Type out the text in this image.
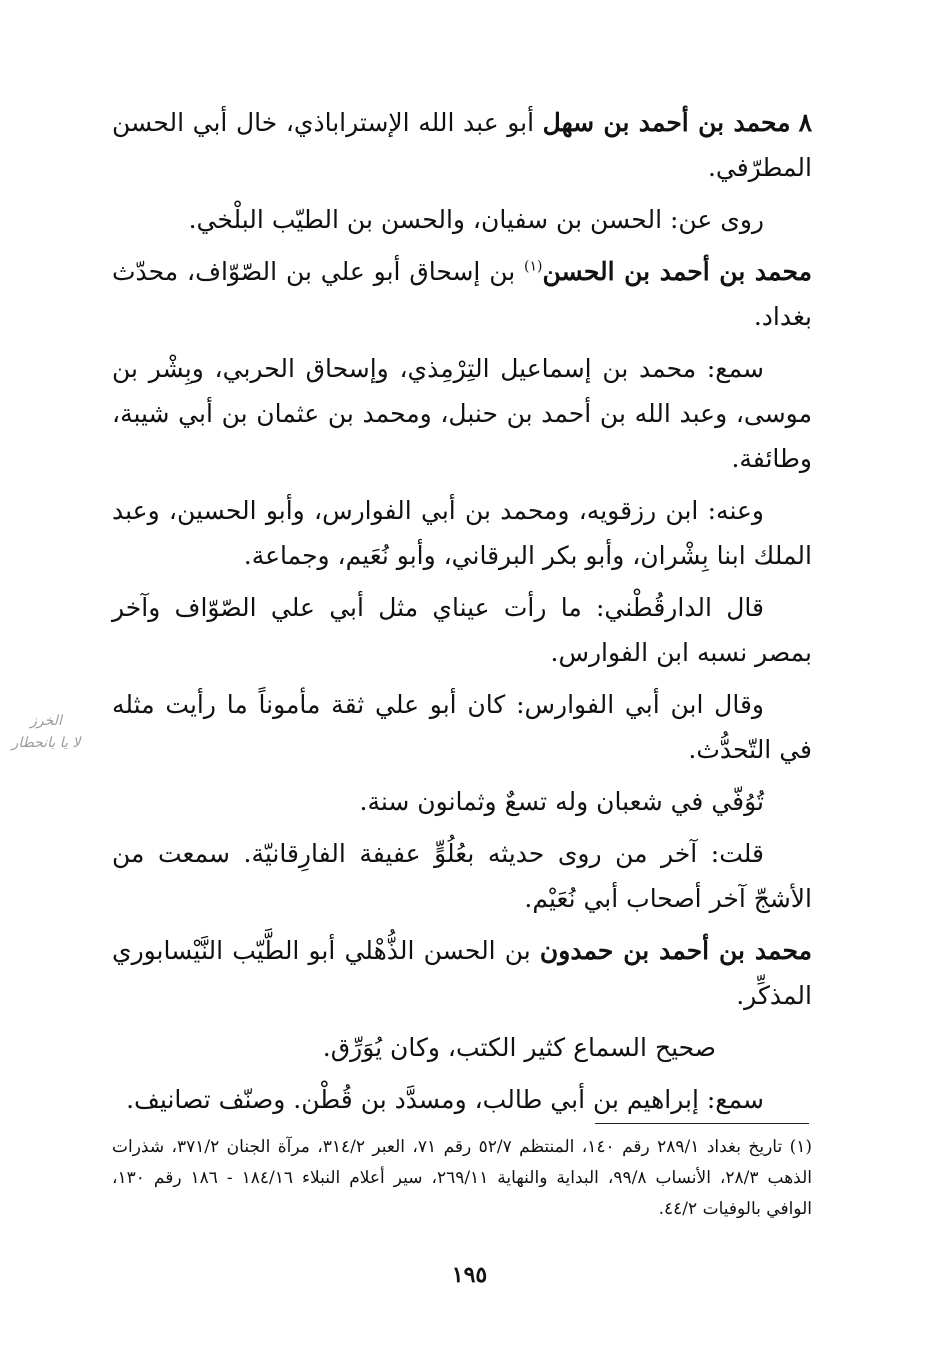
الخرز
لا يا بانحطار

٨محمد بن أحمد بن سهل أبو عبد الله الإستراباذي، خال أبي الحسن المطرّفي.

روى عن: الحسن بن سفيان، والحسن بن الطيّب البلْخي.

محمد بن أحمد بن الحسن$^{(١)}$ بن إسحاق أبو علي بن الصّوّاف، محدّث بغداد.

سمع: محمد بن إسماعيل التِرْمِذي، وإسحاق الحربي، وبِشْر بن موسى، وعبد الله بن أحمد بن حنبل، ومحمد بن عثمان بن أبي شيبة، وطائفة.

وعنه: ابن رزقويه، ومحمد بن أبي الفوارس، وأبو الحسين، وعبد الملك ابنا بِشْران، وأبو بكر البرقاني، وأبو نُعَيم، وجماعة.

قال الدارقُطْني: ما رأت عيناي مثل أبي علي الصّوّاف وآخر بمصر نسبه ابن الفوارس.

وقال ابن أبي الفوارس: كان أبو علي ثقة مأموناً ما رأيت مثله في التّحدُّث.

تُوُفّي في شعبان وله تسعٌ وثمانون سنة.

قلت: آخر من روى حديثه بعُلُوٍّ عفيفة الفارِقانيّة. سمعت من الأشجّ آخر أصحاب أبي نُعَيْم.

محمد بن أحمد بن حمدون بن الحسن الذُّهْلي أبو الطَّيّب النَّيْسابوري المذكِّر.

صحيح السماع كثير الكتب، وكان يُوَرِّق.

سمع: إبراهيم بن أبي طالب، ومسدَّد بن قُطْن. وصنّف تصانيف.

(١) تاريخ بغداد ٢٨٩/١ رقم ١٤٠، المنتظم ٥٢/٧ رقم ٧١، العبر ٣١٤/٢، مرآة الجنان ٣٧١/٢، شذرات الذهب ٢٨/٣، الأنساب ٩٩/٨، البداية والنهاية ٢٦٩/١١، سير أعلام النبلاء ١٨٤/١٦ - ١٨٦ رقم ١٣٠، الوافي بالوفيات ٤٤/٢.

١٩٥
